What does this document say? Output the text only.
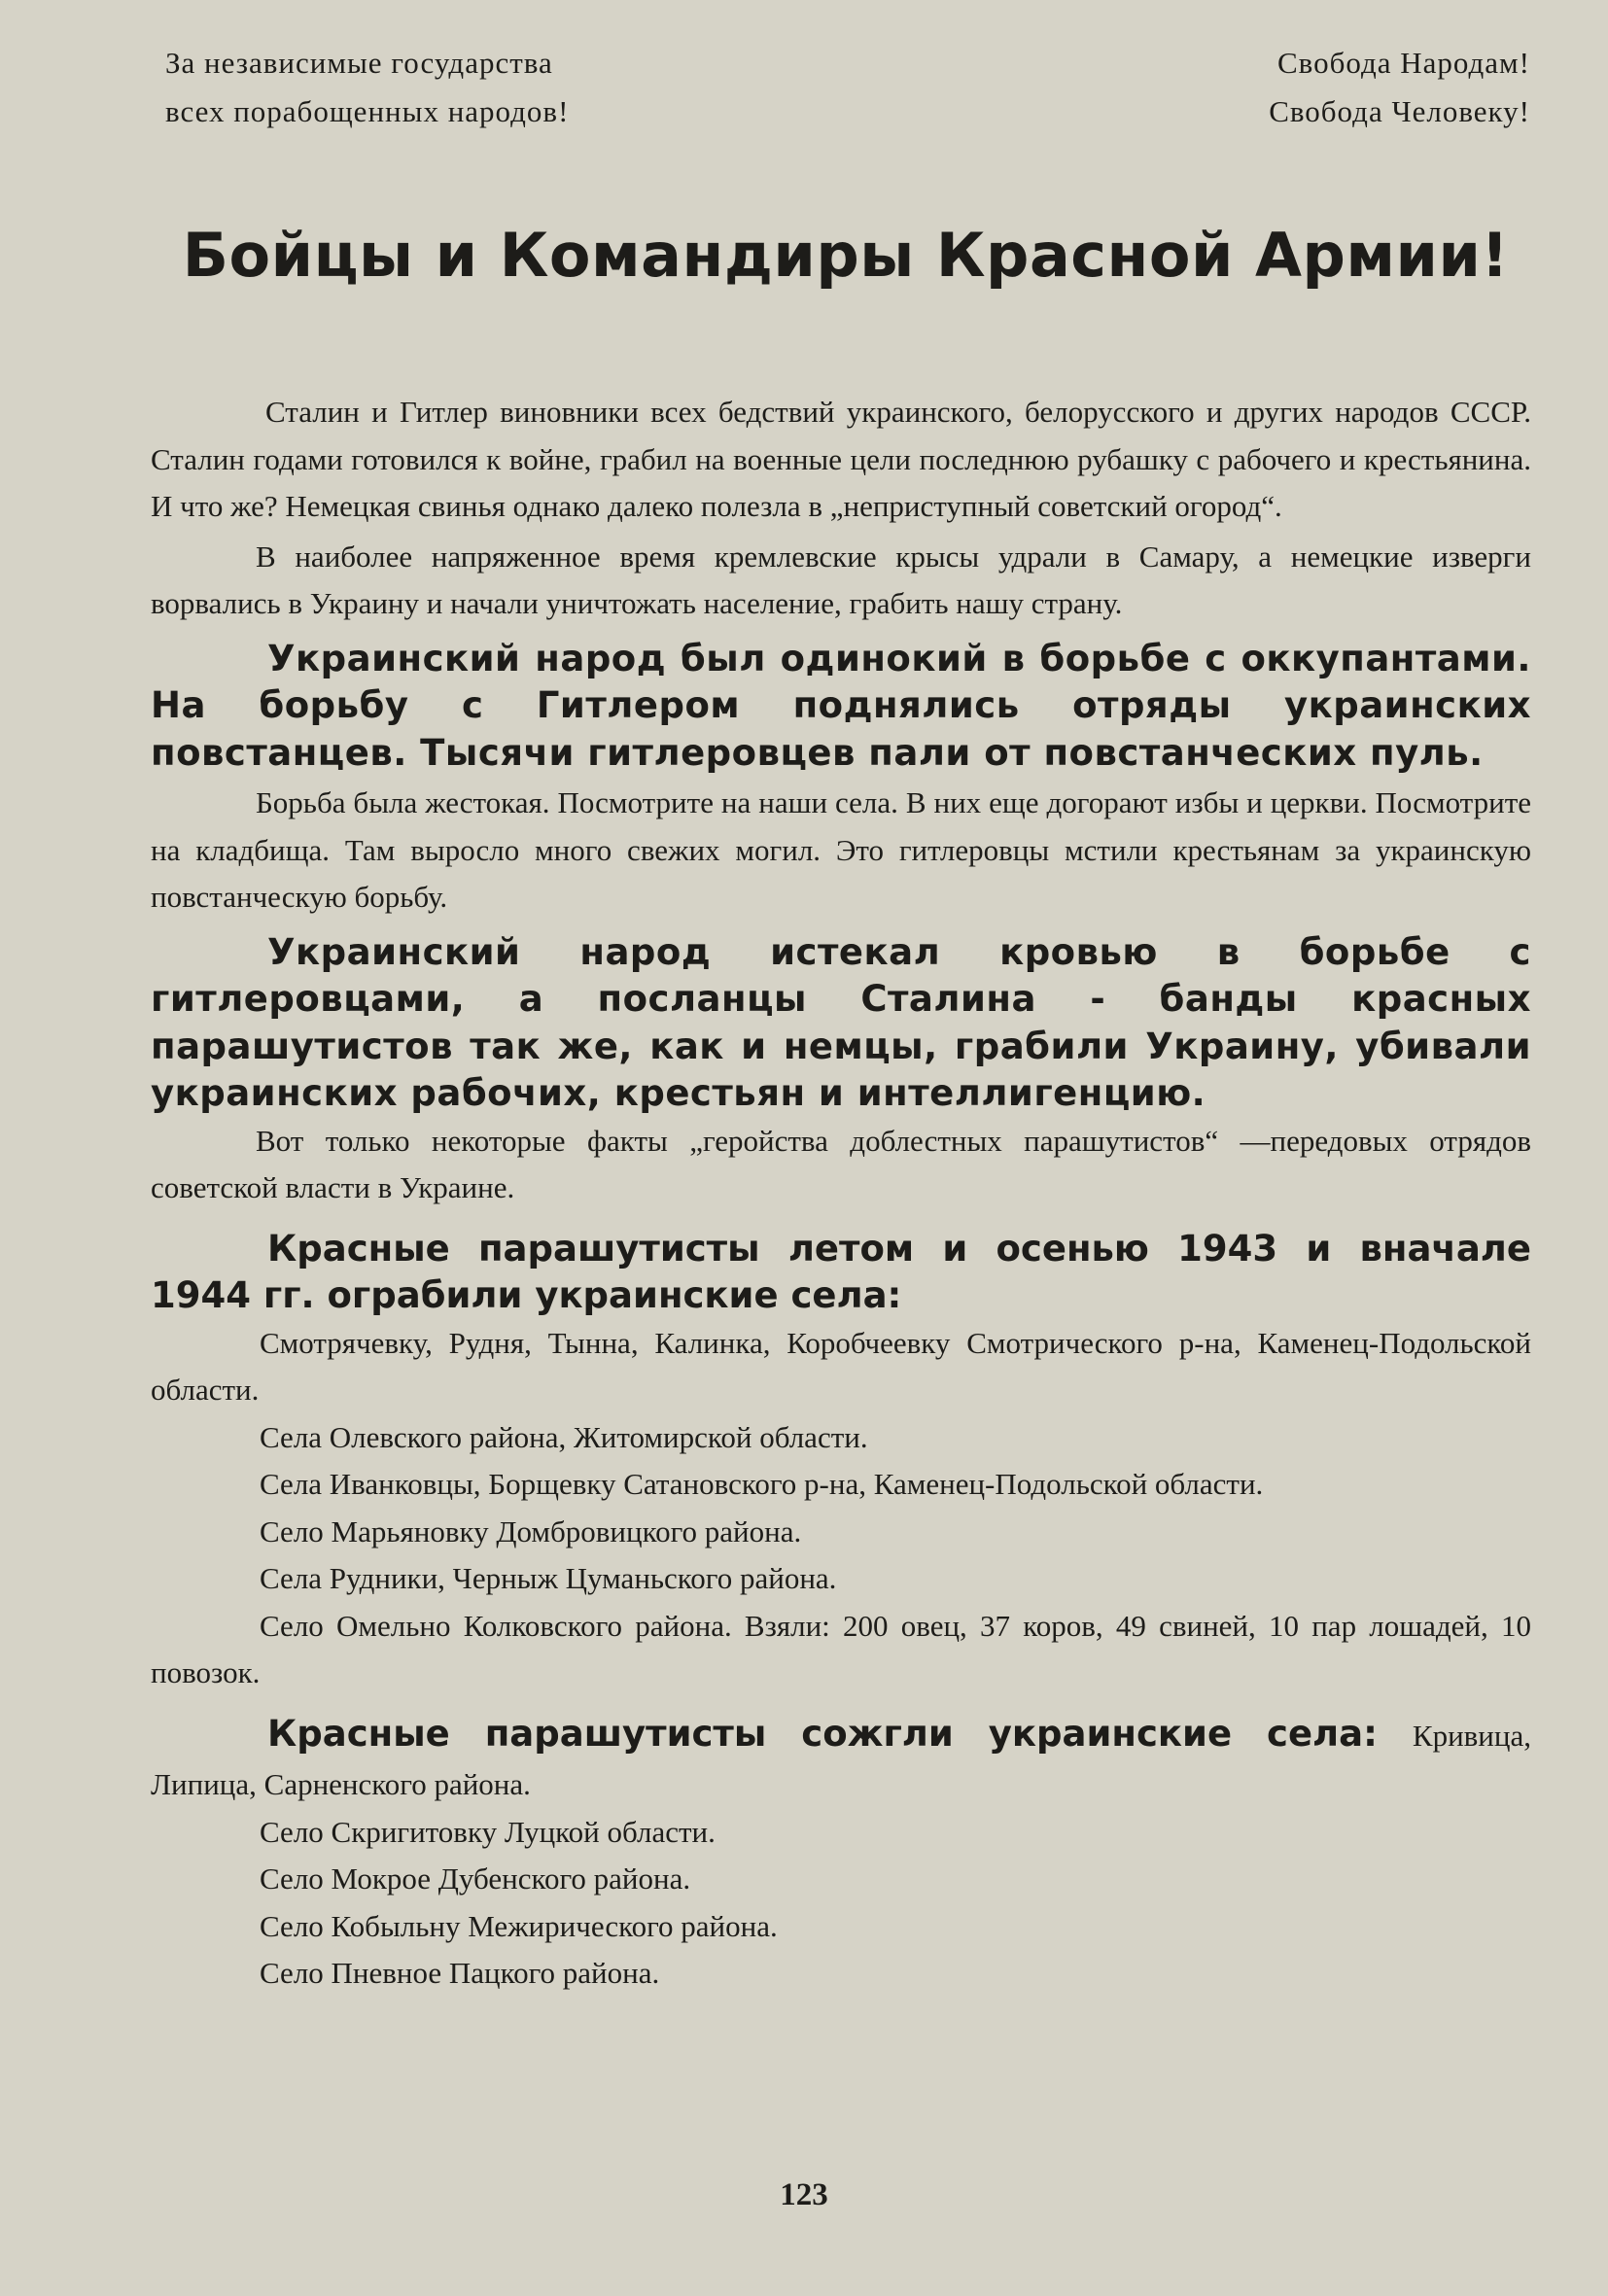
За независимые государства
всех порабощенных народов!
Свобода Народам!
Свобода Человеку!
Бойцы и Командиры Красной Армии!

Сталин и Гитлер виновники всех бедствий украинского, белорусского и других народов СССР. Сталин годами готовился к войне, грабил на военные цели последнюю рубашку с рабочего и крестьянина. И что же? Немецкая свинья однако далеко полезла в „неприступный советский огород“.

В наиболее напряженное время кремлевские крысы удрали в Самару, а немецкие изверги ворвались в Украину и начали уничтожать население, грабить нашу страну.

Украинский народ был одинокий в борьбе с оккупантами. На борьбу с Гитлером поднялись отряды украинских повстанцев. Тысячи гитлеровцев пали от повстанческих пуль.

Борьба была жестокая. Посмотрите на наши села. В них еще догорают избы и церкви. Посмотрите на кладбища. Там выросло много свежих могил. Это гитлеровцы мстили крестьянам за украинскую повстанческую борьбу.

Украинский народ истекал кровью в борьбе с гитлеровцами, а посланцы Сталина - банды красных парашутистов так же, как и немцы, грабили Украину, убивали украинских рабочих, крестьян и интеллигенцию.

Вот только некоторые факты „геройства доблестных парашутистов“ —передовых отрядов советской власти в Украине.

Красные парашутисты летом и осенью 1943 и вначале 1944 гг. ограбили украинские села:

Смотрячевку, Рудня, Тынна, Калинка, Коробчеевку Смотрического р-на, Каменец-Подольской области.

Села Олевского района, Житомирской области.

Села Иванковцы, Борщевку Сатановского р-на, Каменец-Подольской области.

Село Марьяновку Домбровицкого района.

Села Рудники, Черныж Цуманьского района.

Село Омельно Колковского района. Взяли: 200 овец, 37 коров, 49 свиней, 10 пар лошадей, 10 повозок.

Красные парашутисты сожгли украинские села: Кривица, Липица, Сарненского района.

Село Скригитовку Луцкой области.

Село Мокрое Дубенского района.

Село Кобыльну Межирического района.

Село Пневное Пацкого района.

123
